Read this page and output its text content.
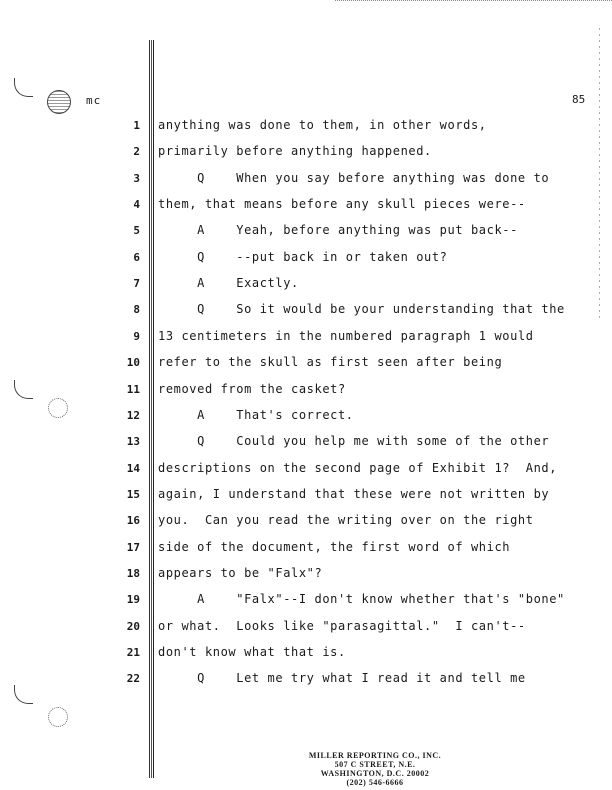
mc	85
1 anything was done to them, in other words,
2 primarily before anything happened.
3 Q    When you say before anything was done to
4 them, that means before any skull pieces were--
5 A    Yeah, before anything was put back--
6 Q    --put back in or taken out?
7 A    Exactly.
8 Q    So it would be your understanding that the
9 13 centimeters in the numbered paragraph 1 would
10 refer to the skull as first seen after being
11 removed from the casket?
12 A    That's correct.
13 Q    Could you help me with some of the other
14 descriptions on the second page of Exhibit 1?  And,
15 again, I understand that these were not written by
16 you.  Can you read the writing over on the right
17 side of the document, the first word of which
18 appears to be "Falx"?
19 A    "Falx"--I don't know whether that's "bone"
20 or what.  Looks like "parasagittal."  I can't--
21 don't know what that is.
22 Q    Let me try what I read it and tell me
MILLER REPORTING CO., INC.
507 C STREET, N.E.
WASHINGTON, D.C. 20002
(202) 546-6666
